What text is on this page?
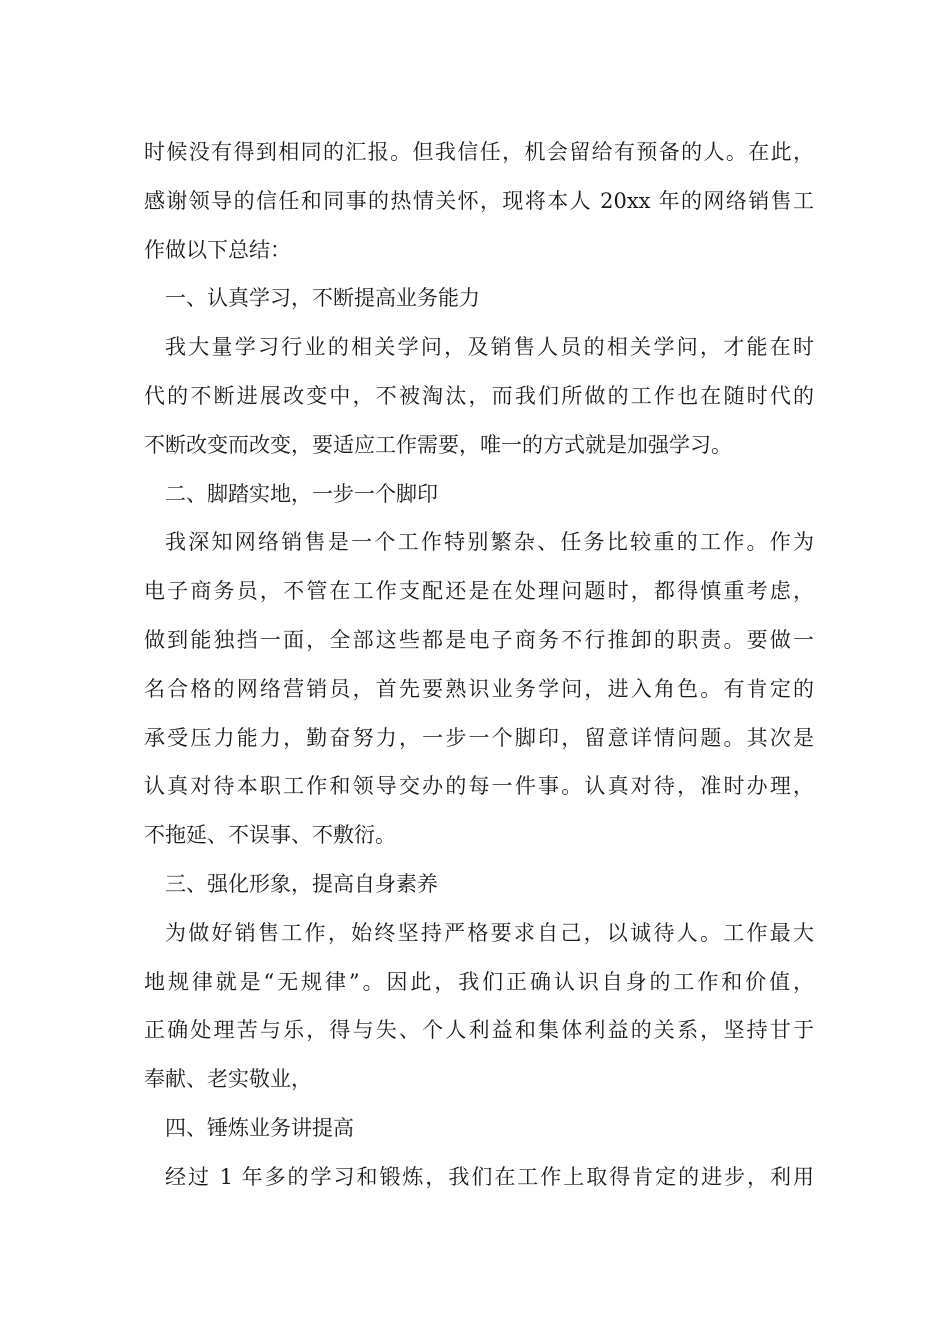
时候没有得到相同的汇报。但我信任，机会留给有预备的人。在此，
感谢领导的信任和同事的热情关怀，现将本人 20xx 年的网络销售工
作做以下总结：
一、认真学习，不断提高业务能力
我大量学习行业的相关学问，及销售人员的相关学问，才能在时
代的不断进展改变中，不被淘汰，而我们所做的工作也在随时代的
不断改变而改变，要适应工作需要，唯一的方式就是加强学习。
二、脚踏实地，一步一个脚印
我深知网络销售是一个工作特别繁杂、任务比较重的工作。作为
电子商务员，不管在工作支配还是在处理问题时，都得慎重考虑，
做到能独挡一面，全部这些都是电子商务不行推卸的职责。要做一
名合格的网络营销员，首先要熟识业务学问，进入角色。有肯定的
承受压力能力，勤奋努力，一步一个脚印，留意详情问题。其次是
认真对待本职工作和领导交办的每一件事。认真对待，准时办理，
不拖延、不误事、不敷衍。
三、强化形象，提高自身素养
为做好销售工作，始终坚持严格要求自己，以诚待人。工作最大
地规律就是“无规律”。因此，我们正确认识自身的工作和价值，
正确处理苦与乐，得与失、个人利益和集体利益的关系，坚持甘于
奉献、老实敬业，
四、锤炼业务讲提高
经过 1 年多的学习和锻炼，我们在工作上取得肯定的进步，利用
